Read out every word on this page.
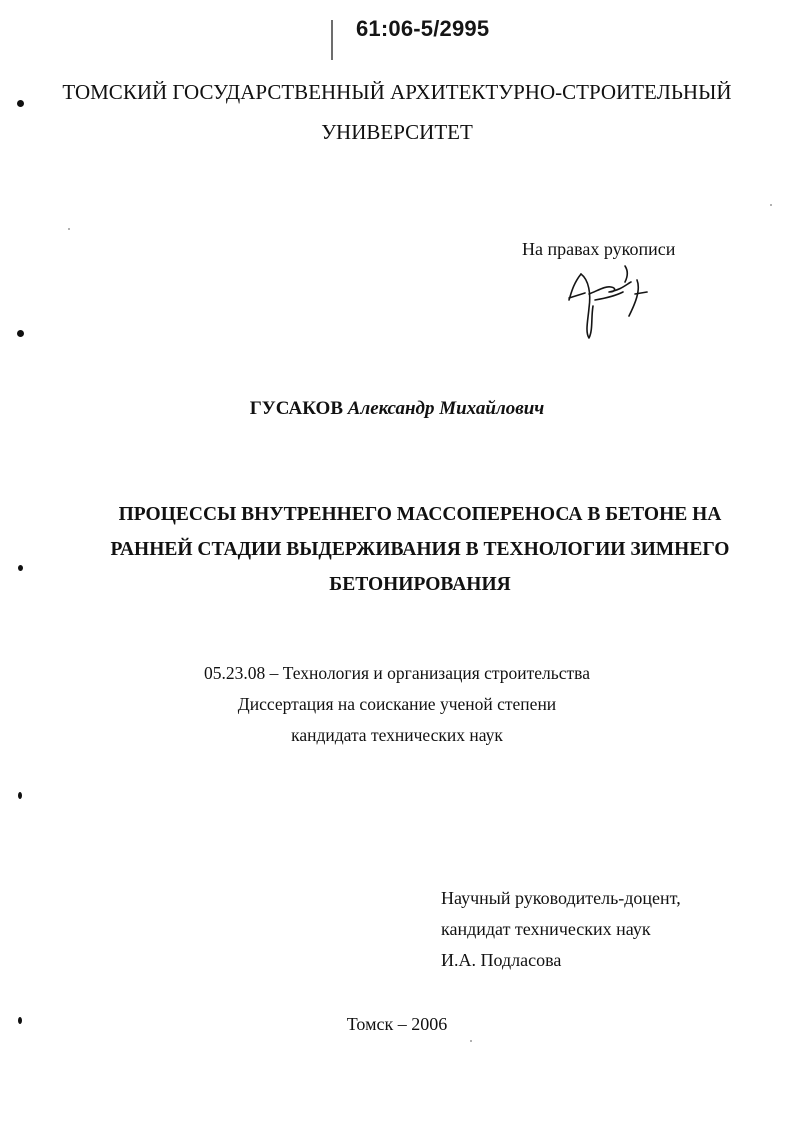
61:06-5/2995
ТОМСКИЙ ГОСУДАРСТВЕННЫЙ АРХИТЕКТУРНО-СТРОИТЕЛЬНЫЙ
УНИВЕРСИТЕТ
На правах рукописи
ГУСАКОВ Александр Михайлович
ПРОЦЕССЫ ВНУТРЕННЕГО МАССОПЕРЕНОСА В БЕТОНЕ НА
РАННЕЙ СТАДИИ ВЫДЕРЖИВАНИЯ В ТЕХНОЛОГИИ ЗИМНЕГО
БЕТОНИРОВАНИЯ
05.23.08 – Технология и организация строительства
Диссертация на соискание ученой степени
кандидата технических наук
Научный руководитель-доцент,
кандидат технических наук
И.А. Подласова
Томск – 2006
